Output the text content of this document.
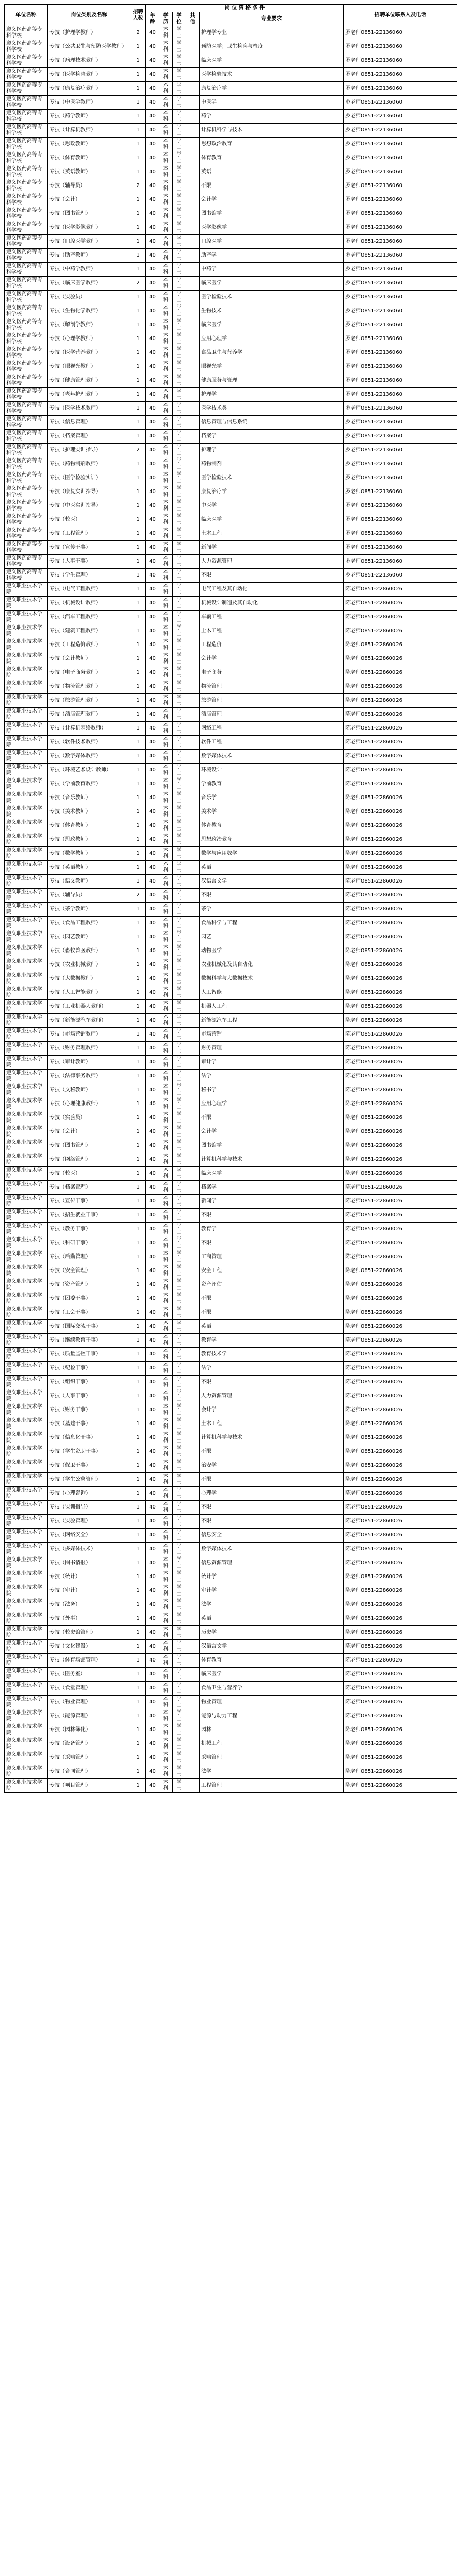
单位名称	岗位类别及名称	招聘人数	岗 位 资 格 条 件					招聘单位联系人及电话
			年龄	学历	学位	其他	专业要求	
遵义医药高等专科学校	专技（护理学教师）	2	40	本科	学士		护理学专业	罗老师0851-22136060
遵义医药高等专科学校	专技（公共卫生与预防医学教师）	1	40	本科	学士		预防医学；卫生检验与检疫	罗老师0851-22136060
遵义医药高等专科学校	专技（病理技术教师）	1	40	本科	学士		临床医学	罗老师0851-22136060
遵义医药高等专科学校	专技（医学检验教师）	1	40	本科	学士		医学检验技术	罗老师0851-22136060
遵义医药高等专科学校	专技（康复治疗教师）	1	40	本科	学士		康复治疗学	罗老师0851-22136060
遵义医药高等专科学校	专技（中医学教师）	1	40	本科	学士		中医学	罗老师0851-22136060
遵义医药高等专科学校	专技（药学教师）	1	40	本科	学士		药学	罗老师0851-22136060
遵义医药高等专科学校	专技（计算机教师）	1	40	本科	学士		计算机科学与技术	罗老师0851-22136060
遵义医药高等专科学校	专技（思政教师）	1	40	本科	学士		思想政治教育	罗老师0851-22136060
遵义医药高等专科学校	专技（体育教师）	1	40	本科	学士		体育教育	罗老师0851-22136060
遵义医药高等专科学校	专技（英语教师）	1	40	本科	学士		英语	罗老师0851-22136060
遵义医药高等专科学校	专技（辅导员）	2	40	本科	学士		不限	罗老师0851-22136060
遵义医药高等专科学校	专技（会计）	1	40	本科	学士		会计学	罗老师0851-22136060
遵义医药高等专科学校	专技（图书管理）	1	40	本科	学士		图书馆学	罗老师0851-22136060
遵义医药高等专科学校	专技（医学影像教师）	1	40	本科	学士		医学影像学	罗老师0851-22136060
遵义医药高等专科学校	专技（口腔医学教师）	1	40	本科	学士		口腔医学	罗老师0851-22136060
遵义医药高等专科学校	专技（助产教师）	1	40	本科	学士		助产学	罗老师0851-22136060
遵义医药高等专科学校	专技（中药学教师）	1	40	本科	学士		中药学	罗老师0851-22136060
遵义医药高等专科学校	专技（临床医学教师）	2	40	本科	学士		临床医学	罗老师0851-22136060
遵义医药高等专科学校	专技（实验员）	1	40	本科	学士		医学检验技术	罗老师0851-22136060
遵义医药高等专科学校	专技（生物化学教师）	1	40	本科	学士		生物技术	罗老师0851-22136060
遵义医药高等专科学校	专技（解剖学教师）	1	40	本科	学士		临床医学	罗老师0851-22136060
遵义医药高等专科学校	专技（心理学教师）	1	40	本科	学士		应用心理学	罗老师0851-22136060
遵义医药高等专科学校	专技（医学营养教师）	1	40	本科	学士		食品卫生与营养学	罗老师0851-22136060
遵义医药高等专科学校	专技（眼视光教师）	1	40	本科	学士		眼视光学	罗老师0851-22136060
遵义医药高等专科学校	专技（健康管理教师）	1	40	本科	学士		健康服务与管理	罗老师0851-22136060
遵义医药高等专科学校	专技（老年护理教师）	1	40	本科	学士		护理学	罗老师0851-22136060
遵义医药高等专科学校	专技（医学技术教师）	1	40	本科	学士		医学技术类	罗老师0851-22136060
遵义医药高等专科学校	专技（信息管理）	1	40	本科	学士		信息管理与信息系统	罗老师0851-22136060
遵义医药高等专科学校	专技（档案管理）	1	40	本科	学士		档案学	罗老师0851-22136060
遵义医药高等专科学校	专技（护理实训指导）	2	40	本科	学士		护理学	罗老师0851-22136060
遵义医药高等专科学校	专技（药物制剂教师）	1	40	本科	学士		药物制剂	罗老师0851-22136060
遵义医药高等专科学校	专技（医学检验实训）	1	40	本科	学士		医学检验技术	罗老师0851-22136060
遵义医药高等专科学校	专技（康复实训指导）	1	40	本科	学士		康复治疗学	罗老师0851-22136060
遵义医药高等专科学校	专技（中医实训指导）	1	40	本科	学士		中医学	罗老师0851-22136060
遵义医药高等专科学校	专技（校医）	1	40	本科	学士		临床医学	罗老师0851-22136060
遵义医药高等专科学校	专技（工程管理）	1	40	本科	学士		土木工程	罗老师0851-22136060
遵义医药高等专科学校	专技（宣传干事）	1	40	本科	学士		新闻学	罗老师0851-22136060
遵义医药高等专科学校	专技（人事干事）	1	40	本科	学士		人力资源管理	罗老师0851-22136060
遵义医药高等专科学校	专技（学生管理）	1	40	本科	学士		不限	罗老师0851-22136060
遵义职业技术学院	专技（电气工程教师）	1	40	本科	学士		电气工程及其自动化	陈老师0851-22860026
遵义职业技术学院	专技（机械设计教师）	1	40	本科	学士		机械设计制造及其自动化	陈老师0851-22860026
遵义职业技术学院	专技（汽车工程教师）	1	40	本科	学士		车辆工程	陈老师0851-22860026
遵义职业技术学院	专技（建筑工程教师）	1	40	本科	学士		土木工程	陈老师0851-22860026
遵义职业技术学院	专技（工程造价教师）	1	40	本科	学士		工程造价	陈老师0851-22860026
遵义职业技术学院	专技（会计教师）	1	40	本科	学士		会计学	陈老师0851-22860026
遵义职业技术学院	专技（电子商务教师）	1	40	本科	学士		电子商务	陈老师0851-22860026
遵义职业技术学院	专技（物流管理教师）	1	40	本科	学士		物流管理	陈老师0851-22860026
遵义职业技术学院	专技（旅游管理教师）	1	40	本科	学士		旅游管理	陈老师0851-22860026
遵义职业技术学院	专技（酒店管理教师）	1	40	本科	学士		酒店管理	陈老师0851-22860026
遵义职业技术学院	专技（计算机网络教师）	1	40	本科	学士		网络工程	陈老师0851-22860026
遵义职业技术学院	专技（软件技术教师）	1	40	本科	学士		软件工程	陈老师0851-22860026
遵义职业技术学院	专技（数字媒体教师）	1	40	本科	学士		数字媒体技术	陈老师0851-22860026
遵义职业技术学院	专技（环境艺术设计教师）	1	40	本科	学士		环境设计	陈老师0851-22860026
遵义职业技术学院	专技（学前教育教师）	1	40	本科	学士		学前教育	陈老师0851-22860026
遵义职业技术学院	专技（音乐教师）	1	40	本科	学士		音乐学	陈老师0851-22860026
遵义职业技术学院	专技（美术教师）	1	40	本科	学士		美术学	陈老师0851-22860026
遵义职业技术学院	专技（体育教师）	1	40	本科	学士		体育教育	陈老师0851-22860026
遵义职业技术学院	专技（思政教师）	1	40	本科	学士		思想政治教育	陈老师0851-22860026
遵义职业技术学院	专技（数学教师）	1	40	本科	学士		数学与应用数学	陈老师0851-22860026
遵义职业技术学院	专技（英语教师）	1	40	本科	学士		英语	陈老师0851-22860026
遵义职业技术学院	专技（语文教师）	1	40	本科	学士		汉语言文学	陈老师0851-22860026
遵义职业技术学院	专技（辅导员）	2	40	本科	学士		不限	陈老师0851-22860026
遵义职业技术学院	专技（茶学教师）	1	40	本科	学士		茶学	陈老师0851-22860026
遵义职业技术学院	专技（食品工程教师）	1	40	本科	学士		食品科学与工程	陈老师0851-22860026
遵义职业技术学院	专技（园艺教师）	1	40	本科	学士		园艺	陈老师0851-22860026
遵义职业技术学院	专技（畜牧兽医教师）	1	40	本科	学士		动物医学	陈老师0851-22860026
遵义职业技术学院	专技（农业机械教师）	1	40	本科	学士		农业机械化及其自动化	陈老师0851-22860026
遵义职业技术学院	专技（大数据教师）	1	40	本科	学士		数据科学与大数据技术	陈老师0851-22860026
遵义职业技术学院	专技（人工智能教师）	1	40	本科	学士		人工智能	陈老师0851-22860026
遵义职业技术学院	专技（工业机器人教师）	1	40	本科	学士		机器人工程	陈老师0851-22860026
遵义职业技术学院	专技（新能源汽车教师）	1	40	本科	学士		新能源汽车工程	陈老师0851-22860026
遵义职业技术学院	专技（市场营销教师）	1	40	本科	学士		市场营销	陈老师0851-22860026
遵义职业技术学院	专技（财务管理教师）	1	40	本科	学士		财务管理	陈老师0851-22860026
遵义职业技术学院	专技（审计教师）	1	40	本科	学士		审计学	陈老师0851-22860026
遵义职业技术学院	专技（法律事务教师）	1	40	本科	学士		法学	陈老师0851-22860026
遵义职业技术学院	专技（文秘教师）	1	40	本科	学士		秘书学	陈老师0851-22860026
遵义职业技术学院	专技（心理健康教师）	1	40	本科	学士		应用心理学	陈老师0851-22860026
遵义职业技术学院	专技（实验员）	1	40	本科	学士		不限	陈老师0851-22860026
遵义职业技术学院	专技（会计）	1	40	本科	学士		会计学	陈老师0851-22860026
遵义职业技术学院	专技（图书管理）	1	40	本科	学士		图书馆学	陈老师0851-22860026
遵义职业技术学院	专技（网络管理）	1	40	本科	学士		计算机科学与技术	陈老师0851-22860026
遵义职业技术学院	专技（校医）	1	40	本科	学士		临床医学	陈老师0851-22860026
遵义职业技术学院	专技（档案管理）	1	40	本科	学士		档案学	陈老师0851-22860026
遵义职业技术学院	专技（宣传干事）	1	40	本科	学士		新闻学	陈老师0851-22860026
遵义职业技术学院	专技（招生就业干事）	1	40	本科	学士		不限	陈老师0851-22860026
遵义职业技术学院	专技（教务干事）	1	40	本科	学士		教育学	陈老师0851-22860026
遵义职业技术学院	专技（科研干事）	1	40	本科	学士		不限	陈老师0851-22860026
遵义职业技术学院	专技（后勤管理）	1	40	本科	学士		工商管理	陈老师0851-22860026
遵义职业技术学院	专技（安全管理）	1	40	本科	学士		安全工程	陈老师0851-22860026
遵义职业技术学院	专技（资产管理）	1	40	本科	学士		资产评估	陈老师0851-22860026
遵义职业技术学院	专技（团委干事）	1	40	本科	学士		不限	陈老师0851-22860026
遵义职业技术学院	专技（工会干事）	1	40	本科	学士		不限	陈老师0851-22860026
遵义职业技术学院	专技（国际交流干事）	1	40	本科	学士		英语	陈老师0851-22860026
遵义职业技术学院	专技（继续教育干事）	1	40	本科	学士		教育学	陈老师0851-22860026
遵义职业技术学院	专技（质量监控干事）	1	40	本科	学士		教育技术学	陈老师0851-22860026
遵义职业技术学院	专技（纪检干事）	1	40	本科	学士		法学	陈老师0851-22860026
遵义职业技术学院	专技（组织干事）	1	40	本科	学士		不限	陈老师0851-22860026
遵义职业技术学院	专技（人事干事）	1	40	本科	学士		人力资源管理	陈老师0851-22860026
遵义职业技术学院	专技（财务干事）	1	40	本科	学士		会计学	陈老师0851-22860026
遵义职业技术学院	专技（基建干事）	1	40	本科	学士		土木工程	陈老师0851-22860026
遵义职业技术学院	专技（信息化干事）	1	40	本科	学士		计算机科学与技术	陈老师0851-22860026
遵义职业技术学院	专技（学生资助干事）	1	40	本科	学士		不限	陈老师0851-22860026
遵义职业技术学院	专技（保卫干事）	1	40	本科	学士		治安学	陈老师0851-22860026
遵义职业技术学院	专技（学生公寓管理）	1	40	本科	学士		不限	陈老师0851-22860026
遵义职业技术学院	专技（心理咨询）	1	40	本科	学士		心理学	陈老师0851-22860026
遵义职业技术学院	专技（实训指导）	1	40	本科	学士		不限	陈老师0851-22860026
遵义职业技术学院	专技（实验管理）	1	40	本科	学士		不限	陈老师0851-22860026
遵义职业技术学院	专技（网络安全）	1	40	本科	学士		信息安全	陈老师0851-22860026
遵义职业技术学院	专技（多媒体技术）	1	40	本科	学士		数字媒体技术	陈老师0851-22860026
遵义职业技术学院	专技（图书情报）	1	40	本科	学士		信息资源管理	陈老师0851-22860026
遵义职业技术学院	专技（统计）	1	40	本科	学士		统计学	陈老师0851-22860026
遵义职业技术学院	专技（审计）	1	40	本科	学士		审计学	陈老师0851-22860026
遵义职业技术学院	专技（法务）	1	40	本科	学士		法学	陈老师0851-22860026
遵义职业技术学院	专技（外事）	1	40	本科	学士		英语	陈老师0851-22860026
遵义职业技术学院	专技（校史馆管理）	1	40	本科	学士		历史学	陈老师0851-22860026
遵义职业技术学院	专技（文化建设）	1	40	本科	学士		汉语言文学	陈老师0851-22860026
遵义职业技术学院	专技（体育场馆管理）	1	40	本科	学士		体育教育	陈老师0851-22860026
遵义职业技术学院	专技（医务室）	1	40	本科	学士		临床医学	陈老师0851-22860026
遵义职业技术学院	专技（食堂管理）	1	40	本科	学士		食品卫生与营养学	陈老师0851-22860026
遵义职业技术学院	专技（物业管理）	1	40	本科	学士		物业管理	陈老师0851-22860026
遵义职业技术学院	专技（能源管理）	1	40	本科	学士		能源与动力工程	陈老师0851-22860026
遵义职业技术学院	专技（园林绿化）	1	40	本科	学士		园林	陈老师0851-22860026
遵义职业技术学院	专技（设备管理）	1	40	本科	学士		机械工程	陈老师0851-22860026
遵义职业技术学院	专技（采购管理）	1	40	本科	学士		采购管理	陈老师0851-22860026
遵义职业技术学院	专技（合同管理）	1	40	本科	学士		法学	陈老师0851-22860026
遵义职业技术学院	专技（项目管理）	1	40	本科	学士		工程管理	陈老师0851-22860026
